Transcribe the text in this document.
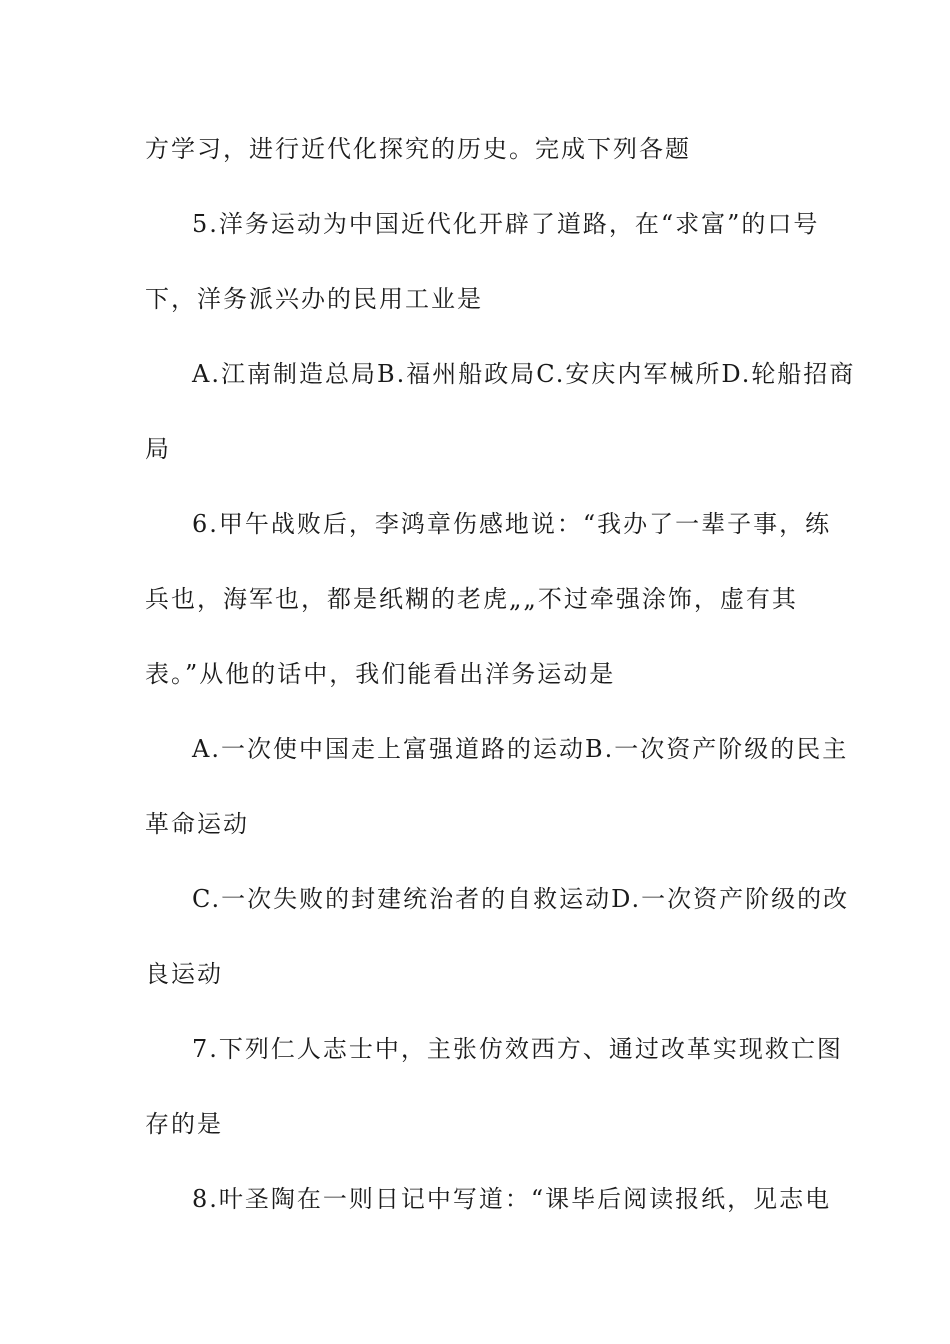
方学习，进行近代化探究的历史。完成下列各题
5.洋务运动为中国近代化开辟了道路，在“求富”的口号
下，洋务派兴办的民用工业是
A.江南制造总局B.福州船政局C.安庆内军械所D.轮船招商
局
6.甲午战败后，李鸿章伤感地说：“我办了一辈子事，练
兵也，海军也，都是纸糊的老虎„„不过牵强涂饰，虚有其
表。”从他的话中，我们能看出洋务运动是
A.一次使中国走上富强道路的运动B.一次资产阶级的民主
革命运动
C.一次失败的封建统治者的自救运动D.一次资产阶级的改
良运动
7.下列仁人志士中，主张仿效西方、通过改革实现救亡图
存的是
8.叶圣陶在一则日记中写道：“课毕后阅读报纸，见志电
